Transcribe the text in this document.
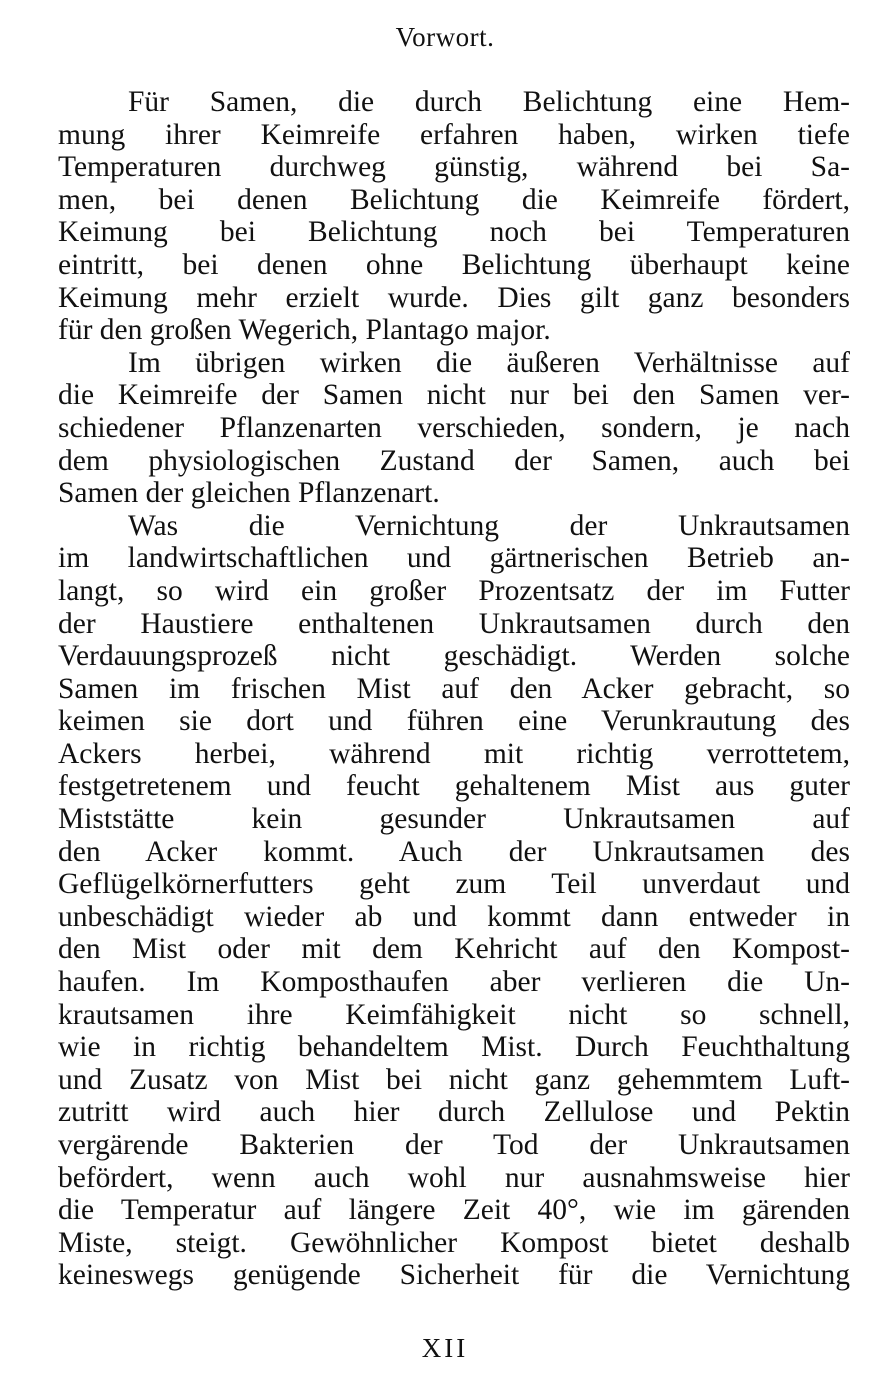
Vorwort.
Für Samen, die durch Belichtung eine Hem-
mung ihrer Keimreife erfahren haben, wirken tiefe
Temperaturen durchweg günstig, während bei Sa-
men, bei denen Belichtung die Keimreife fördert,
Keimung bei Belichtung noch bei Temperaturen
eintritt, bei denen ohne Belichtung überhaupt keine
Keimung mehr erzielt wurde. Dies gilt ganz besonders
für den großen Wegerich, Plantago major.
Im übrigen wirken die äußeren Verhältnisse auf
die Keimreife der Samen nicht nur bei den Samen ver-
schiedener Pflanzenarten verschieden, sondern, je nach
dem physiologischen Zustand der Samen, auch bei
Samen der gleichen Pflanzenart.
Was die Vernichtung der Unkrautsamen
im landwirtschaftlichen und gärtnerischen Betrieb an-
langt, so wird ein großer Prozentsatz der im Futter
der Haustiere enthaltenen Unkrautsamen durch den
Verdauungsprozeß nicht geschädigt. Werden solche
Samen im frischen Mist auf den Acker gebracht, so
keimen sie dort und führen eine Verunkrautung des
Ackers herbei, während mit richtig verrottetem,
festgetretenem und feucht gehaltenem Mist aus guter
Miststätte kein gesunder Unkrautsamen auf
den Acker kommt. Auch der Unkrautsamen des
Geflügelkörnerfutters geht zum Teil unverdaut und
unbeschädigt wieder ab und kommt dann entweder in
den Mist oder mit dem Kehricht auf den Kompost-
haufen. Im Komposthaufen aber verlieren die Un-
krautsamen ihre Keimfähigkeit nicht so schnell,
wie in richtig behandeltem Mist. Durch Feuchthaltung
und Zusatz von Mist bei nicht ganz gehemmtem Luft-
zutritt wird auch hier durch Zellulose und Pektin
vergärende Bakterien der Tod der Unkrautsamen
befördert, wenn auch wohl nur ausnahmsweise hier
die Temperatur auf längere Zeit 40°, wie im gärenden
Miste, steigt. Gewöhnlicher Kompost bietet deshalb
keineswegs genügende Sicherheit für die Vernichtung
XII
